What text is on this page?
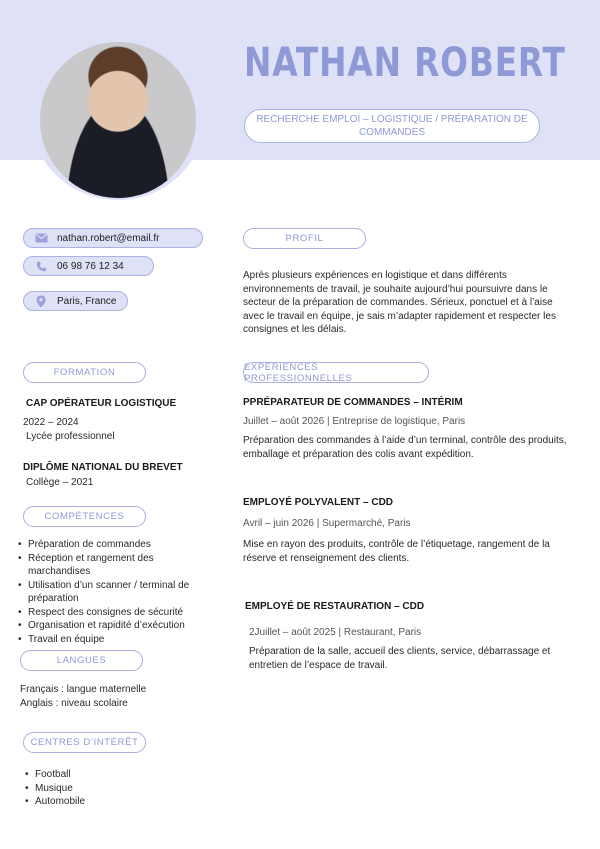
NATHAN ROBERT
RECHERCHE EMPLOI – LOGISTIQUE / PRÉPARATION DE COMMANDES
nathan.robert@email.fr
06 98 76 12 34
Paris, France
PROFIL
Après plusieurs expériences en logistique et dans différents environnements de travail, je souhaite aujourd’hui poursuivre dans le secteur de la préparation de commandes. Sérieux, ponctuel et à l’aise avec le travail en équipe, je sais m’adapter rapidement et respecter les consignes et les délais.
FORMATION
CAP OPÉRATEUR LOGISTIQUE
2022 – 2024
Lycée professionnel
DIPLÔME NATIONAL DU BREVET
Collège – 2021
COMPÉTENCES
• Préparation de commandes
• Réception et rangement des marchandises
• Utilisation d’un scanner / terminal de préparation
• Respect des consignes de sécurité
• Organisation et rapidité d’exécution
• Travail en équipe
LANGUES
Français : langue maternelle
Anglais : niveau scolaire
CENTRES D’INTÉRÊT
• Football
• Musique
• Automobile
EXPÉRIENCES PROFESSIONNELLES
PPRÉPARATEUR DE COMMANDES – INTÉRIM
Juillet – août 2026 | Entreprise de logistique, Paris
Préparation des commandes à l’aide d’un terminal, contrôle des produits, emballage et préparation des colis avant expédition.
EMPLOYÉ POLYVALENT – CDD
Avril – juin 2026 | Supermarché, Paris
Mise en rayon des produits, contrôle de l’étiquetage, rangement de la réserve et renseignement des clients.
EMPLOYÉ DE RESTAURATION – CDD
2Juillet – août 2025 | Restaurant, Paris
Préparation de la salle, accueil des clients, service, débarrassage et entretien de l’espace de travail.
